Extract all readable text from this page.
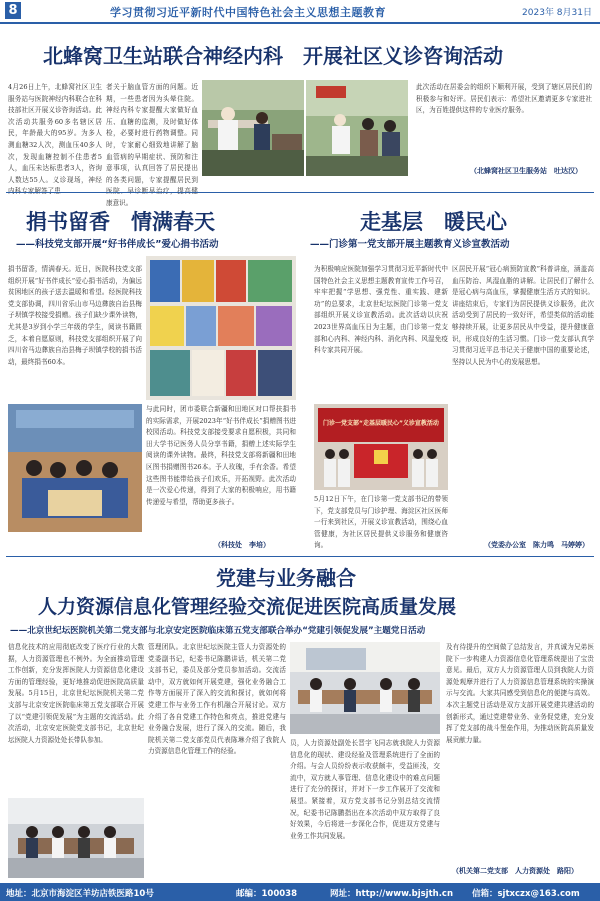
8	学习贯彻习近平新时代中国特色社会主义思想主题教育	2023年 8月31日
北蜂窝卫生站联合神经内科　开展社区义诊咨询活动
4月26日上午，北蜂窝社区卫生服务站与医院神经内科联合在科技部社区开展义诊咨询活动。此次活动共服务60多名辖区居民，年龄最大的95岁。为多人测血糖32人次，测血压40多人次，发现血糖控制不佳患者5人，血压未达标患者3人，咨询人数达55人。义诊现场，神经
者关于脑血管方面的问题。近期，一些患者因为头晕住院。神经内科专家提醒大家做好血压、血糖的监测，及时做好体检，必要时进行药物调整。同时，专家耐心细致地讲解了脑血管病的早期症状、预防和注意事项，认真回答了居民提出的各类问题，专家提醒居民到 康意识。
此次活动在居委会的组织下顺利开展，受到了辖区居民们的积极参与和好评。居民们表示：希望社区邀请更多专家进社区，为百姓提供这样的专业医疗服务。
（北蜂窝社区卫生服务站　吐达汉）
捐书留香　情满春天
——科技党支部开展“好书伴成长”爱心捐书活动
捐书留香，情满春天。近日，医院科技党支部组织开展“好书伴成长”爱心捐书活动，为偏远贫困地区的孩子送去温暖和希望。经医院科技党支部协调，四川省乐山市马边彝族自治县梅子坝镇学校接受捐赠。孩子们缺少课外读物，尤其是3岁到小学三年级的学生，阅读书籍匮乏，本着自愿原则，科技党支部组织开展了向四川省马边彝族自治县梅子坝镇学校的捐书活动，最终捐书60本。
与此同时，团市委联合新疆和田地区对口帮扶捐书的实际需求，开展2023年“好书伴成长”捐赠图书进校园活动。科技党支部接受要求自愿积极，共同和田大学书记医务人员分享书籍，捐赠上述实际学生阅读的课外读物。最终，科技党支部将新疆和田地区图书捐赠图书26本。予人玫瑰，手有余香。希望这些图书能带给孩子们欢乐，开拓视野。此次活动是一次爱心传递，得到了大家的积极响应，用书籍传递爱与希望，帮助更多孩子。
（科技处　李培）
走基层　暖民心
——门诊第一党支部开展主题教育义诊宣教活动
为积极响应医院加强学习贯彻习近平新时代中国特色社会主义思想主题教育宣传工作号召，牢牢把握“学思想、强党性、重实践、建新功”的总要求，北京世纪坛医院门诊第一党支部组织开展义诊宣教活动。此次活动以庆祝2023世界高血压日为主题，由门诊第一党支部和心内科、神经内科、消化内科、风湿免疫科专家共同开展。
区居民开展“冠心病预防宣教”科普讲座，涵盖高血压防治、风湿血脂的讲解。让居民们了解什么是冠心病与高血压，掌握健康生活方式的知识。讲座结束后，专家们为居民提供义诊服务，此次活动受到了居民的一致好评，希望类似的活动能够持续开展，让更多居民从中受益，提升健康意识，形成良好的生活习惯。门诊一党支部认真学习贯彻习近平总书记关于健康中国的重要论述，坚持以人民为中心的发展思想。
门诊一党支部“走基层暖民心”义诊宣教活动
5月12日下午，在门诊第一党支部书记的带领下，党支部党员与门诊护理、海淀区社区医师一行来到社区，开展义诊宣教活动，围绕心血管健康，为社区居民提供义诊服务和健康咨询。	（党委办公室　陈力鸣　马婷婷）
党建与业务融合
人力资源信息化管理经验交流促进医院高质量发展
——北京世纪坛医院机关第二党支部与北京安定医院临床第五党支部联合举办“党建引领促发展”主题党日活动
信息化技术的应用彻底改变了医疗行业的大数据，人力资源管理也不例外。为全面推动管理工作创新，充分发挥医院人力资源信息化建设方面的管理经验，更好地推动促进医院高质量发展。5月15日，北京世纪坛医院机关第二党支部与北京安定医院临床第五党支部联合开展了以“党建引领促发展”为主题的交流活动。此次活动，北京安定医院党支部书记，北京世纪坛医院人力资源处处长带队参加。
管理团队。北京世纪坛医院主管人力资源处的党委副书记，纪委书记陈鹏讲话，机关第二党支部书记，委员及部分党员参加活动。交流活动中，双方就如何开展党建，强化业务融合工作等方面展开了深入的交流和探讨，就如何将党建工作与业务工作有机融合开展讨论。双方介绍了各自党建工作特色和亮点，推进党建与业务融合发展，进行了深入的交流。随后，我院机关第二党支部党员代表陈琳介绍了我院人力资源信息化管理工作的经验。
员，人力资源处副处长晋宇飞同志就我院人力资源信息化的现状、建设经验及管理系统进行了全面的介绍。与会人员纷纷表示收获颇丰，受益匪浅，交流中，双方就人事管理、信息化建设中的难点问题进行了充分的探讨，并对下一步工作展开了交流和展望。紧接着，双方党支部书记分别总结交流情况，纪委书记陈鹏指出在本次活动中双方取得了良好效果，今后将进一步深化合作，促进双方党建与业务工作共同发展。
及有待提升的空间做了总结发言，并真诚为兄弟医院下一步构建人力资源信息化管理系统提出了宝贵意见。最后，双方人力资源管理人员到我院人力资源处观摩并进行了人力资源信息管理系统的实操演示与交流。大家共同感受到信息化的便捷与高效。本次主题党日活动是双方支部开展党建共建活动的创新形式，通过党建带业务、业务促党建，充分发挥了党支部的战斗堡垒作用，为推动医院高质量发展贡献力量。
（机关第二党支部　人力资源处　路阳）
地址：北京市海淀区羊坊店铁医路10号	邮编：100038	网址：http://www.bjsjth.cn 信箱：sjtxczx@163.com
